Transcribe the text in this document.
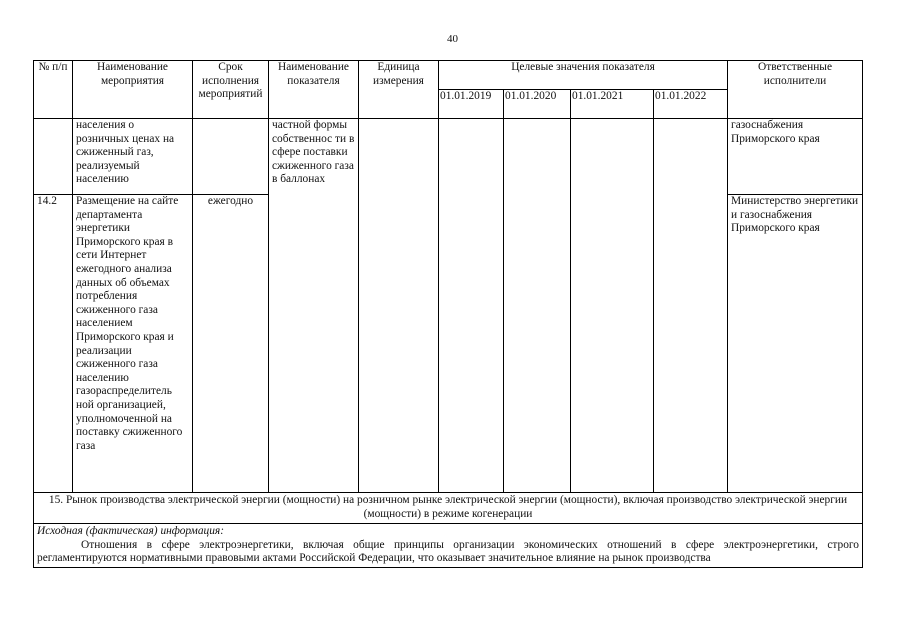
40
№ п/п	Наименование мероприятия	Срок исполнения мероприятий	Наименование показателя	Единица измерения	Целевые значения показателя				Ответственные исполнители
					01.01.2019	01.01.2020	01.01.2021	01.01.2022	
	населения о розничных ценах на сжиженный газ, реализуемый населению		частной формы собственнос ти в сфере поставки сжиженного газа в баллонах						газоснабжения Приморского края
14.2	Размещение на сайте департамента энергетики Приморского края в сети Интернет ежегодного анализа данных об объемах потребления сжиженного газа населением Приморского края и реализации сжиженного газа населению газораспределитель ной организацией, уполномоченной на поставку сжиженного газа	ежегодно							Министерство энергетики и газоснабжения Приморского края
15. Рынок производства электрической энергии (мощности) на розничном рынке электрической энергии (мощности), включая производство электрической энергии (мощности) в режиме когенерации									

Исходная (фактическая) информация:

Отношения в сфере электроэнергетики, включая общие принципы организации экономических отношений в сфере электроэнергетики, строго регламентируются нормативными правовыми актами Российской Федерации, что оказывает значительное влияние на рынок производства									
